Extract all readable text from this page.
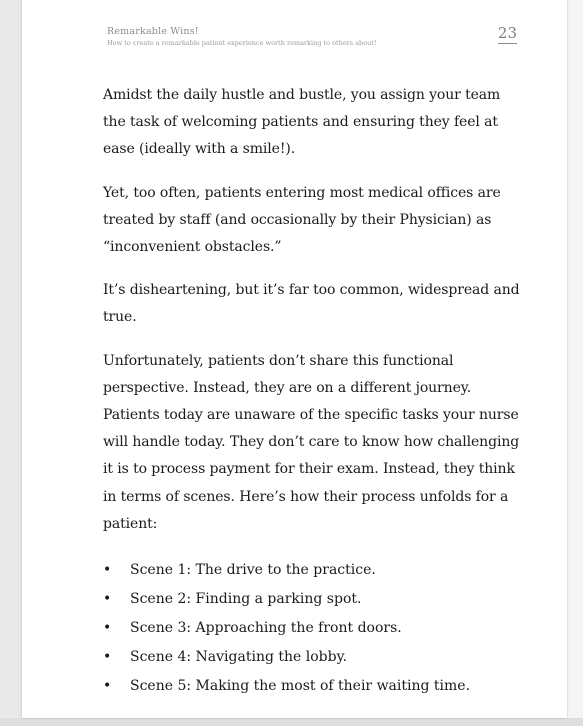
Remarkable Wins!
How to create a remarkable patient experience worth remarking to others about!
23

Amidst the daily hustle and bustle, you assign your team the task of welcoming patients and ensuring they feel at ease (ideally with a smile!).

Yet, too often, patients entering most medical offices are treated by staff (and occasionally by their Physician) as “inconvenient obstacles.”

It’s disheartening, but it’s far too common, widespread and true.

Unfortunately, patients don’t share this functional perspective. Instead, they are on a different journey. Patients today are unaware of the specific tasks your nurse will handle today. They don’t care to know how challenging it is to process payment for their exam. Instead, they think in terms of scenes. Here’s how their process unfolds for a patient:

• Scene 1: The drive to the practice.
• Scene 2: Finding a parking spot.
• Scene 3: Approaching the front doors.
• Scene 4: Navigating the lobby.
• Scene 5: Making the most of their waiting time.
